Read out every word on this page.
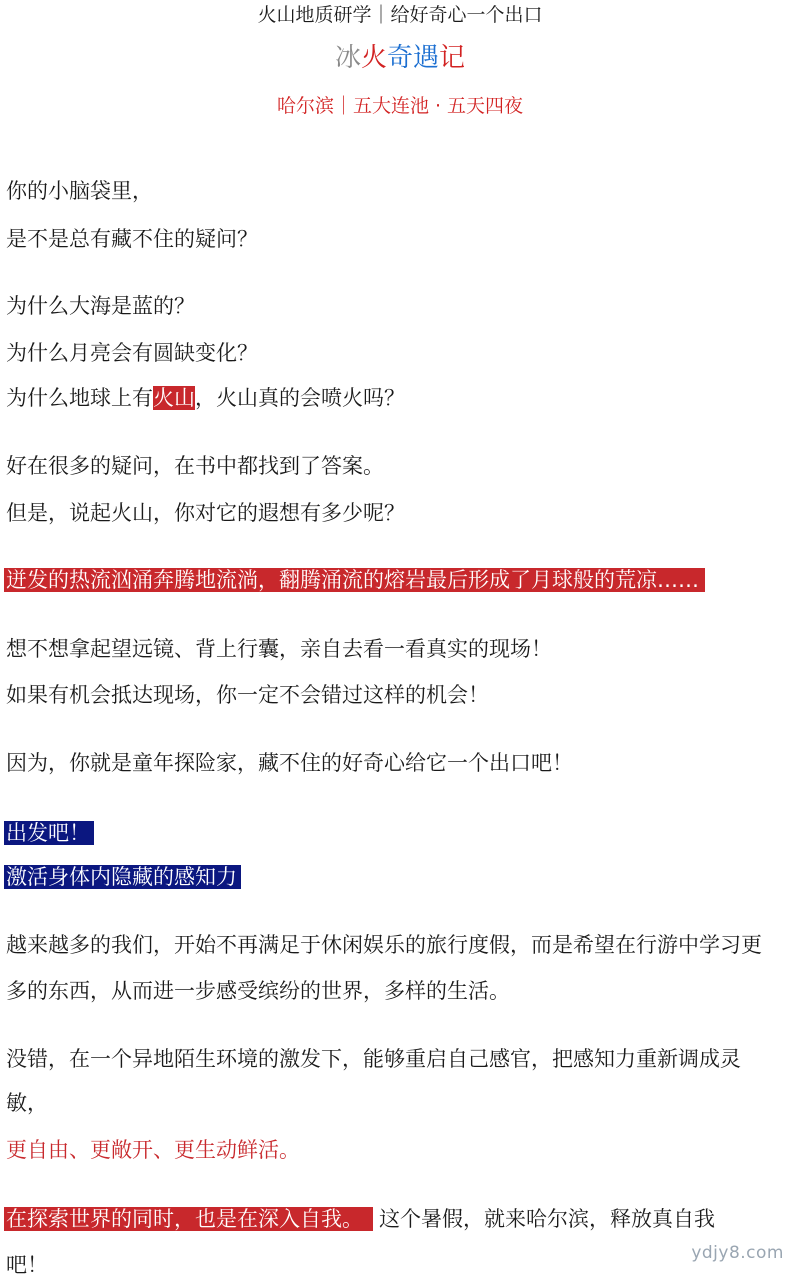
火山地质研学｜给好奇心一个出口
冰火奇遇记
哈尔滨｜五大连池 · 五天四夜
你的小脑袋里，
是不是总有藏不住的疑问？
为什么大海是蓝的？
为什么月亮会有圆缺变化？
为什么地球上有火山，火山真的会喷火吗？
好在很多的疑问，在书中都找到了答案。
但是，说起火山，你对它的遐想有多少呢？
迸发的热流汹涌奔腾地流淌，翻腾涌流的熔岩最后形成了月球般的荒凉……
想不想拿起望远镜、背上行囊，亲自去看一看真实的现场！
如果有机会抵达现场，你一定不会错过这样的机会！
因为，你就是童年探险家，藏不住的好奇心给它一个出口吧！
出发吧！
激活身体内隐藏的感知力
越来越多的我们，开始不再满足于休闲娱乐的旅行度假，而是希望在行游中学习更
多的东西，从而进一步感受缤纷的世界，多样的生活。
没错，在一个异地陌生环境的激发下，能够重启自己感官，把感知力重新调成灵
敏，
更自由、更敞开、更生动鲜活。
在探索世界的同时，也是在深入自我。 这个暑假，就来哈尔滨，释放真自我
吧！	ydjy8.com
